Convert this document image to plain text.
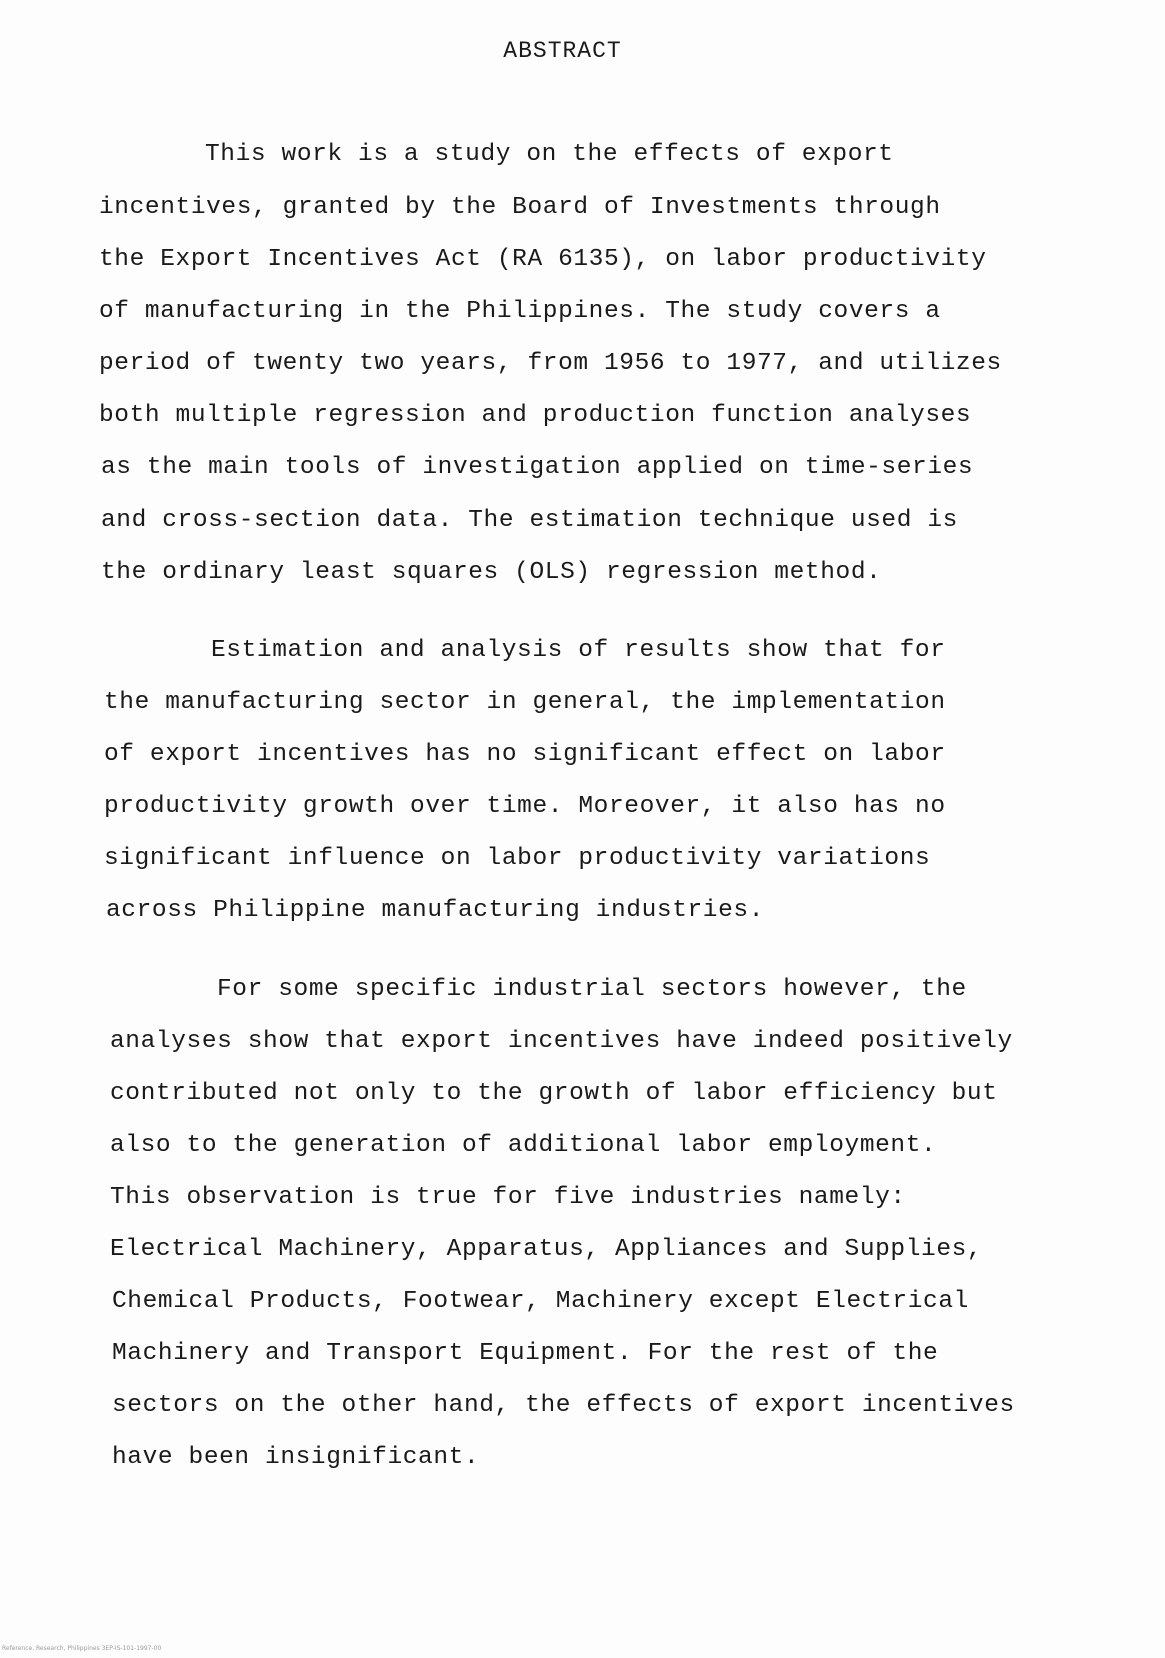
ABSTRACT
This work is a study on the effects of export
incentives, granted by the Board of Investments through
the Export Incentives Act (RA 6135), on labor productivity
of manufacturing in the Philippines. The study covers a
period of twenty two years, from 1956 to 1977, and utilizes
both multiple regression and production function analyses
as the main tools of investigation applied on time-series
and cross-section data. The estimation technique used is
the ordinary least squares (OLS) regression method.
Estimation and analysis of results show that for
the manufacturing sector in general, the implementation
of export incentives has no significant effect on labor
productivity growth over time. Moreover, it also has no
significant influence on labor productivity variations
across Philippine manufacturing industries.
For some specific industrial sectors however, the
analyses show that export incentives have indeed positively
contributed not only to the growth of labor efficiency but
also to the generation of additional labor employment.
This observation is true for five industries namely:
Electrical Machinery, Apparatus, Appliances and Supplies,
Chemical Products, Footwear, Machinery except Electrical
Machinery and Transport Equipment. For the rest of the
sectors on the other hand, the effects of export incentives
have been insignificant.
Reference, Research, Philippines 3EP-IS-101-1997-00
